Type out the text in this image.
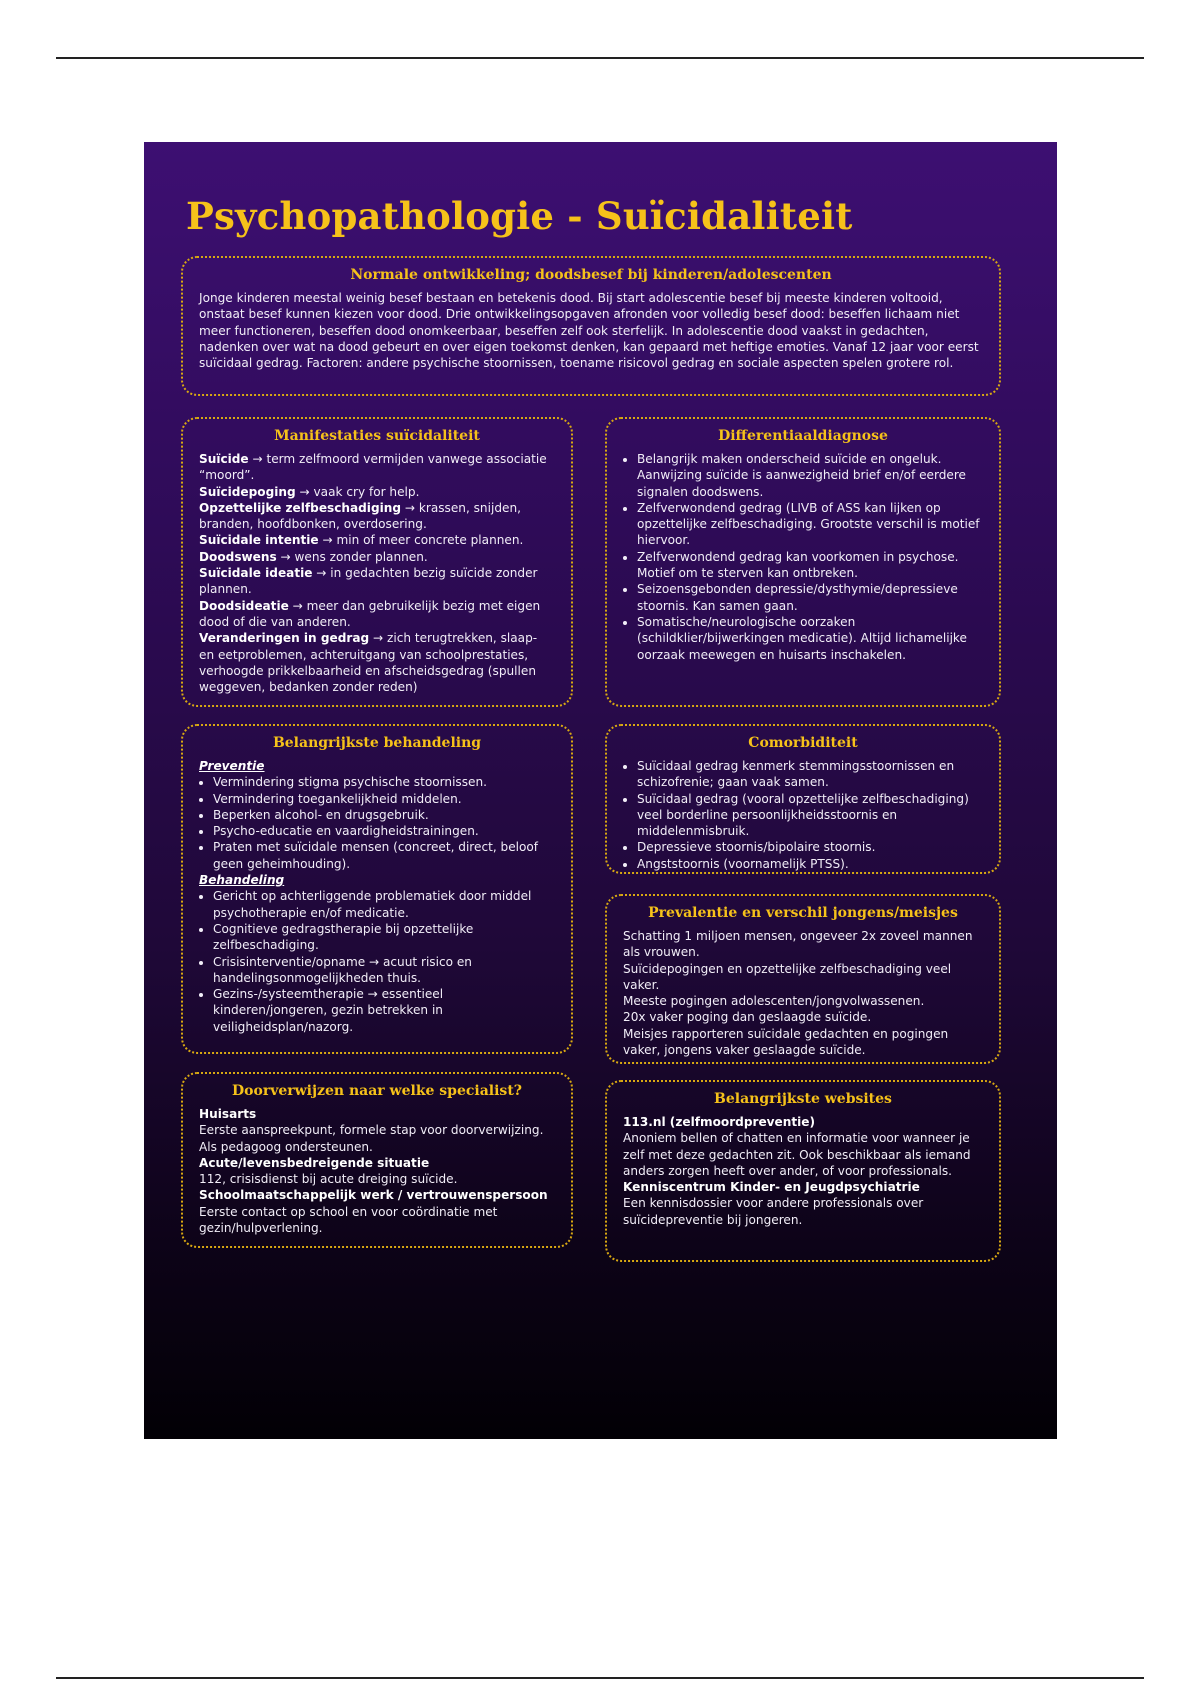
Psychopathologie - Suïcidaliteit
Normale ontwikkeling; doodsbesef bij kinderen/adolescenten

Jonge kinderen meestal weinig besef bestaan en betekenis dood. Bij start adolescentie besef bij meeste kinderen voltooid, onstaat besef kunnen kiezen voor dood. Drie ontwikkelingsopgaven afronden voor volledig besef dood: beseffen lichaam niet meer functioneren, beseffen dood onomkeerbaar, beseffen zelf ook sterfelijk. In adolescentie dood vaakst in gedachten, nadenken over wat na dood gebeurt en over eigen toekomst denken, kan gepaard met heftige emoties. Vanaf 12 jaar voor eerst suïcidaal gedrag. Factoren: andere psychische stoornissen, toename risicovol gedrag en sociale aspecten spelen grotere rol.

Manifestaties suïcidaliteit
Suïcide → term zelfmoord vermijden vanwege associatie “moord”.
Suïcidepoging → vaak cry for help.
Opzettelijke zelfbeschadiging → krassen, snijden, branden, hoofdbonken, overdosering.
Suïcidale intentie → min of meer concrete plannen.
Doodswens → wens zonder plannen.
Suïcidale ideatie → in gedachten bezig suïcide zonder plannen.
Doodsideatie → meer dan gebruikelijk bezig met eigen dood of die van anderen.
Veranderingen in gedrag → zich terugtrekken, slaap- en eetproblemen, achteruitgang van schoolprestaties, verhoogde prikkelbaarheid en afscheidsgedrag (spullen weggeven, bedanken zonder reden)
Differentiaaldiagnose
• Belangrijk maken onderscheid suïcide en ongeluk. Aanwijzing suïcide is aanwezigheid brief en/of eerdere signalen doodswens.
• Zelfverwondend gedrag (LIVB of ASS kan lijken op opzettelijke zelfbeschadiging. Grootste verschil is motief hiervoor.
• Zelfverwondend gedrag kan voorkomen in psychose. Motief om te sterven kan ontbreken.
• Seizoensgebonden depressie/dysthymie/depressieve stoornis. Kan samen gaan.
• Somatische/neurologische oorzaken (schildklier/bijwerkingen medicatie). Altijd lichamelijke oorzaak meewegen en huisarts inschakelen.
Belangrijkste behandeling
Preventie
• Vermindering stigma psychische stoornissen.
• Vermindering toegankelijkheid middelen.
• Beperken alcohol- en drugsgebruik.
• Psycho-educatie en vaardigheidstrainingen.
• Praten met suïcidale mensen (concreet, direct, beloof geen geheimhouding).
Behandeling
• Gericht op achterliggende problematiek door middel psychotherapie en/of medicatie.
• Cognitieve gedragstherapie bij opzettelijke zelfbeschadiging.
• Crisisinterventie/opname → acuut risico en handelingsonmogelijkheden thuis.
• Gezins-/systeemtherapie → essentieel kinderen/jongeren, gezin betrekken in veiligheidsplan/nazorg.
Comorbiditeit
• Suïcidaal gedrag kenmerk stemmingsstoornissen en schizofrenie; gaan vaak samen.
• Suïcidaal gedrag (vooral opzettelijke zelfbeschadiging) veel borderline persoonlijkheidsstoornis en middelenmisbruik.
• Depressieve stoornis/bipolaire stoornis.
• Angststoornis (voornamelijk PTSS).
Prevalentie en verschil jongens/meisjes
Schatting 1 miljoen mensen, ongeveer 2x zoveel mannen als vrouwen.
Suïcidepogingen en opzettelijke zelfbeschadiging veel vaker.
Meeste pogingen adolescenten/jongvolwassenen.
20x vaker poging dan geslaagde suïcide.
Meisjes rapporteren suïcidale gedachten en pogingen vaker, jongens vaker geslaagde suïcide.
Doorverwijzen naar welke specialist?
Huisarts
Eerste aanspreekpunt, formele stap voor doorverwijzing. Als pedagoog ondersteunen.
Acute/levensbedreigende situatie
112, crisisdienst bij acute dreiging suïcide.
Schoolmaatschappelijk werk / vertrouwenspersoon
Eerste contact op school en voor coördinatie met gezin/hulpverlening.
Belangrijkste websites
113.nl (zelfmoordpreventie)
Anoniem bellen of chatten en informatie voor wanneer je zelf met deze gedachten zit. Ook beschikbaar als iemand anders zorgen heeft over ander, of voor professionals.
Kenniscentrum Kinder- en Jeugdpsychiatrie
Een kennisdossier voor andere professionals over suïcidepreventie bij jongeren.
